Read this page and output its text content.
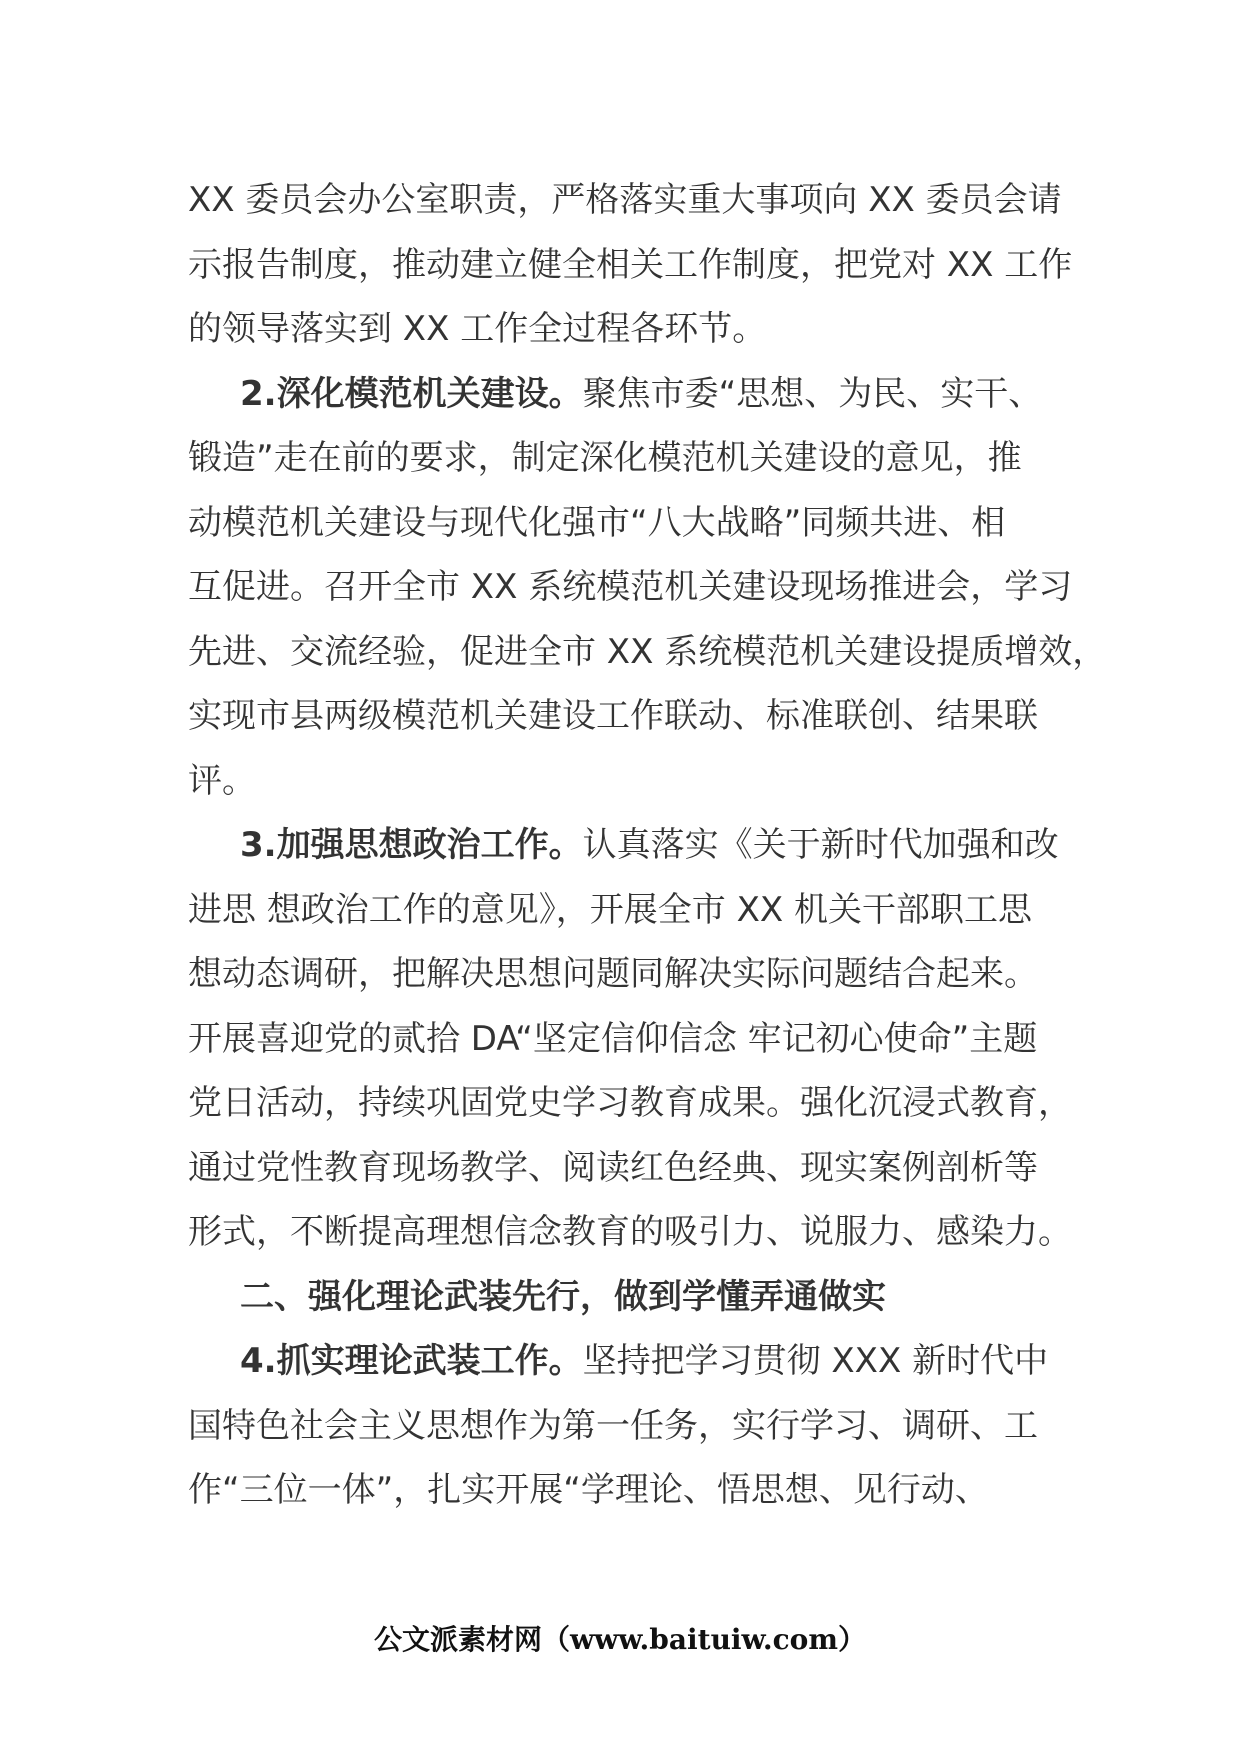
XX 委员会办公室职责，严格落实重大事项向 XX 委员会请
示报告制度，推动建立健全相关工作制度，把党对 XX 工作
的领导落实到 XX 工作全过程各环节。
2.深化模范机关建设。聚焦市委“思想、为民、实干、
锻造”走在前的要求，制定深化模范机关建设的意见，推
动模范机关建设与现代化强市“八大战略”同频共进、相
互促进。召开全市 XX 系统模范机关建设现场推进会，学习
先进、交流经验，促进全市 XX 系统模范机关建设提质增效，
实现市县两级模范机关建设工作联动、标准联创、结果联
评。
3.加强思想政治工作。认真落实《关于新时代加强和改
进思 想政治工作的意见》，开展全市 XX 机关干部职工思
想动态调研，把解决思想问题同解决实际问题结合起来。
开展喜迎党的贰拾 DA“坚定信仰信念 牢记初心使命”主题
党日活动，持续巩固党史学习教育成果。强化沉浸式教育，
通过党性教育现场教学、阅读红色经典、现实案例剖析等
形式，不断提高理想信念教育的吸引力、说服力、感染力。
二、强化理论武装先行，做到学懂弄通做实
4.抓实理论武装工作。坚持把学习贯彻 XXX 新时代中
国特色社会主义思想作为第一任务，实行学习、调研、工
作“三位一体”，扎实开展“学理论、悟思想、见行动、
公文派素材网（www.baituiw.com）
